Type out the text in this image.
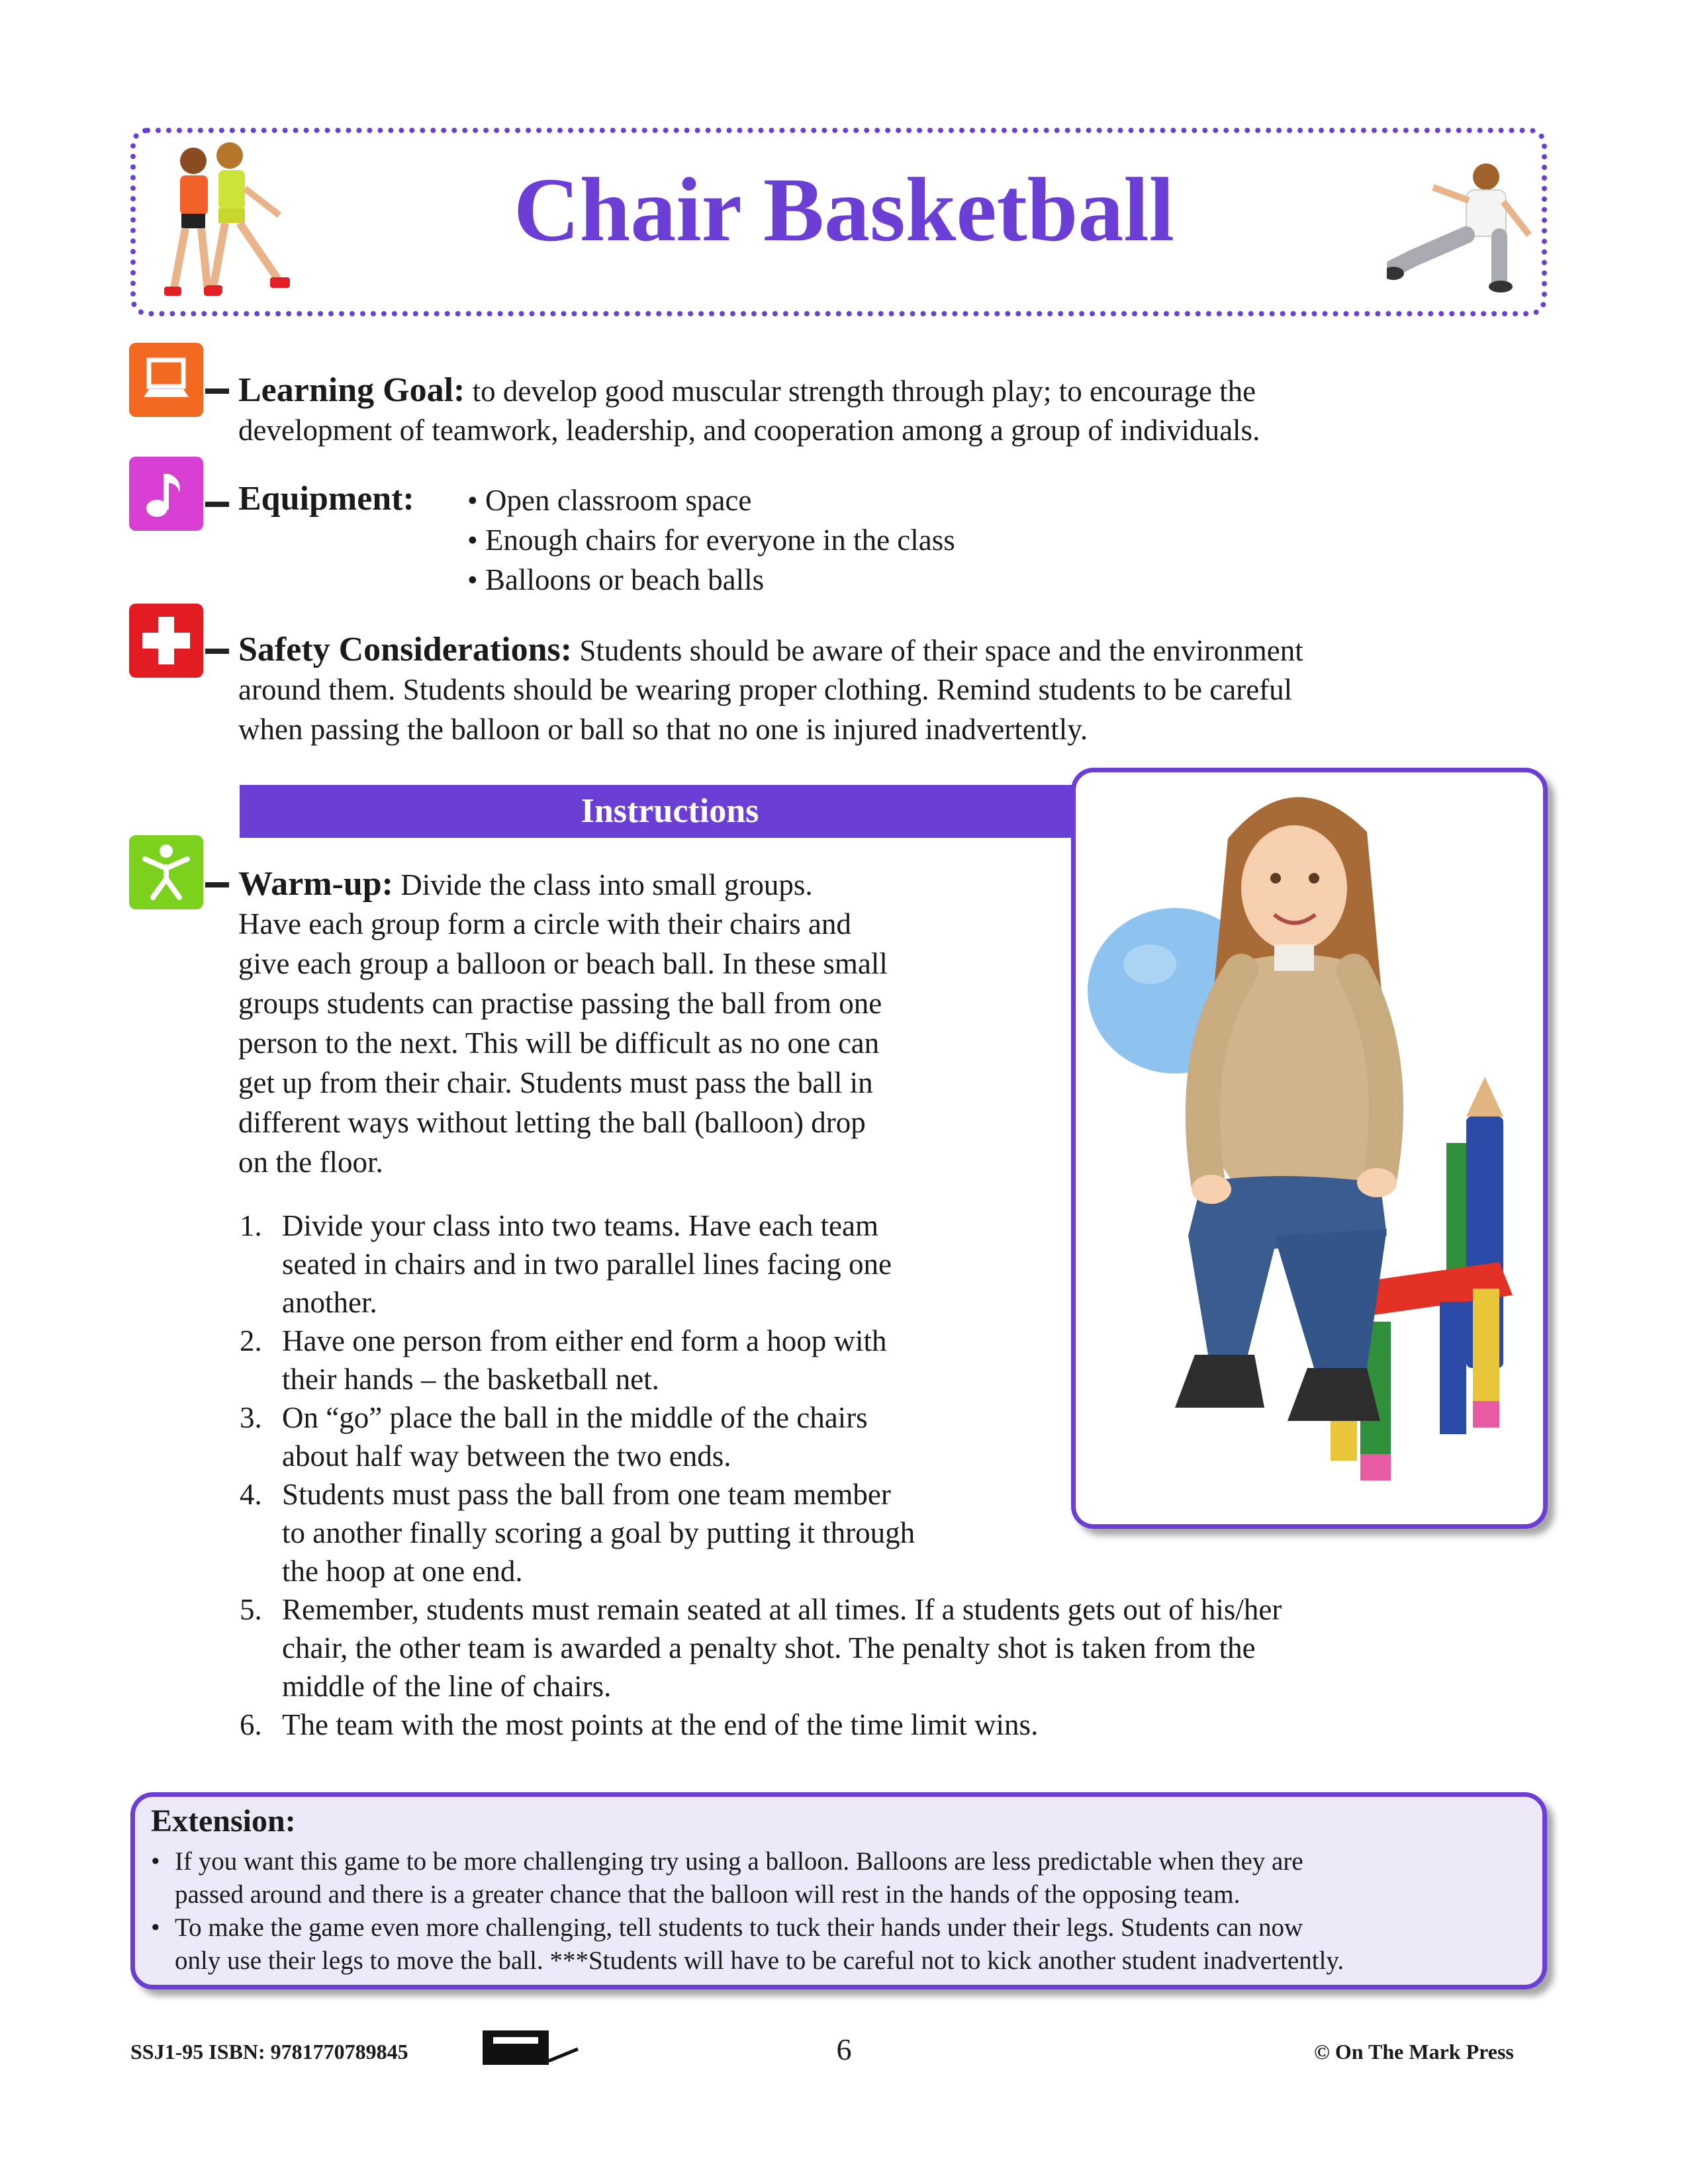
Chair Basketball
Learning Goal: to develop good muscular strength through play; to encourage the
development of teamwork, leadership, and cooperation among a group of individuals.
Equipment: • Open classroom space
• Enough chairs for everyone in the class
• Balloons or beach balls
Safety Considerations: Students should be aware of their space and the environment
around them. Students should be wearing proper clothing. Remind students to be careful
when passing the balloon or ball so that no one is injured inadvertently.
Instructions
Warm-up: Divide the class into small groups.
Have each group form a circle with their chairs and
give each group a balloon or beach ball. In these small
groups students can practise passing the ball from one
person to the next. This will be difficult as no one can
get up from their chair. Students must pass the ball in
different ways without letting the ball (balloon) drop
on the floor.
1. Divide your class into two teams. Have each team
seated in chairs and in two parallel lines facing one
another.
2. Have one person from either end form a hoop with
their hands – the basketball net.
3. On “go” place the ball in the middle of the chairs
about half way between the two ends.
4. Students must pass the ball from one team member
to another finally scoring a goal by putting it through
the hoop at one end.
5. Remember, students must remain seated at all times. If a students gets out of his/her
chair, the other team is awarded a penalty shot. The penalty shot is taken from the
middle of the line of chairs.
6. The team with the most points at the end of the time limit wins.
Extension:
• If you want this game to be more challenging try using a balloon. Balloons are less predictable when they are
passed around and there is a greater chance that the balloon will rest in the hands of the opposing team.
• To make the game even more challenging, tell students to tuck their hands under their legs. Students can now
only use their legs to move the ball. ***Students will have to be careful not to kick another student inadvertently.
SSJ1-95 ISBN: 9781770789845	6	© On The Mark Press
